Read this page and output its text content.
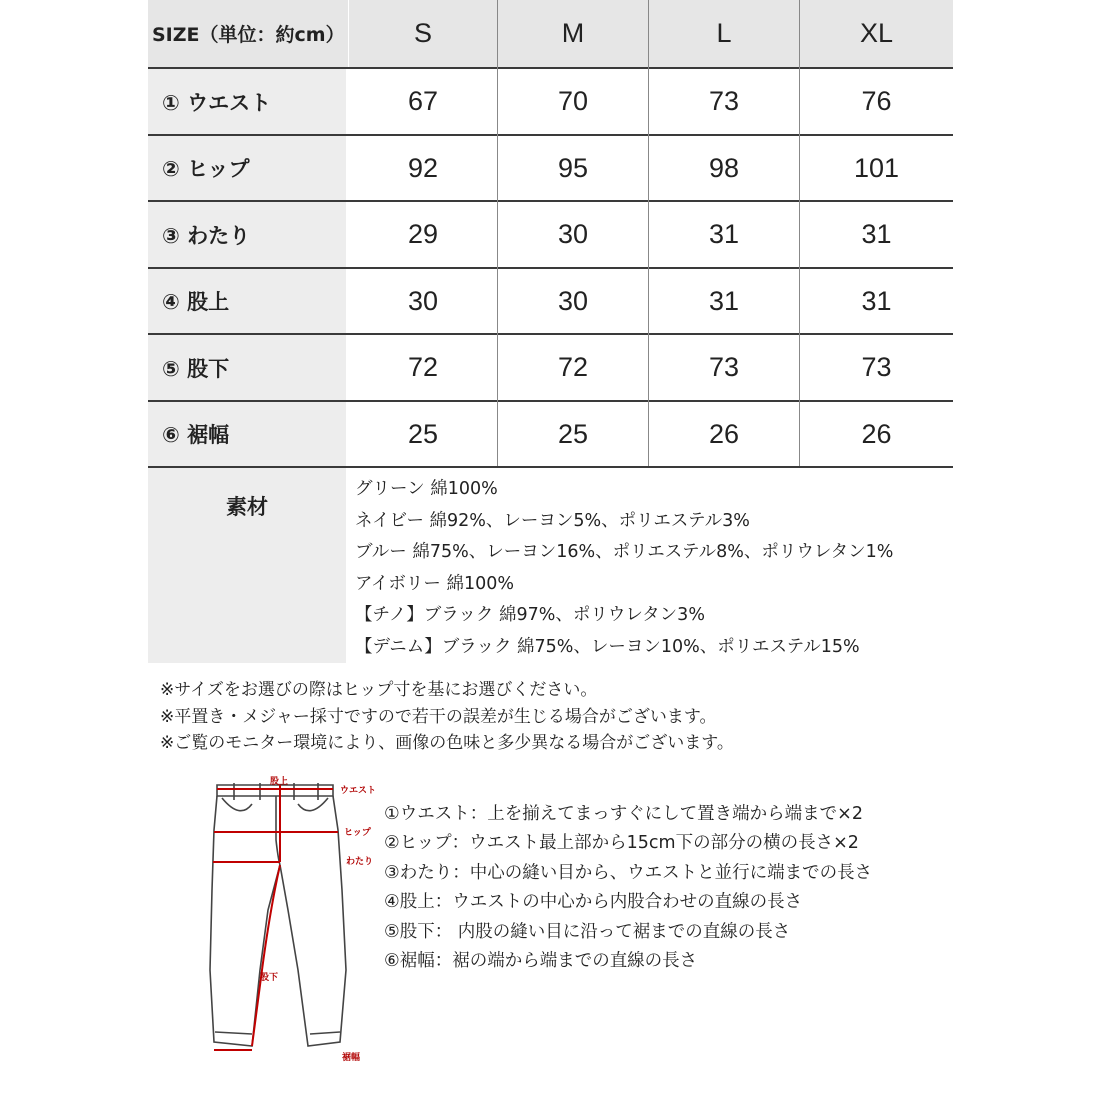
SIZE（単位：約cm）	S	M	L	XL
① ウエスト	67	70	73	76
② ヒップ	92	95	98	101
③ わたり	29	30	31	31
④ 股上	30	30	31	31
⑤ 股下	72	72	73	73
⑥ 裾幅	25	25	26	26
素材
グリーン 綿100%
ネイビー 綿92%、レーヨン5%、ポリエステル3%
ブルー 綿75%、レーヨン16%、ポリエステル8%、ポリウレタン1%
アイボリー 綿100%
【チノ】ブラック 綿97%、ポリウレタン3%
【デニム】ブラック 綿75%、レーヨン10%、ポリエステル15%
※サイズをお選びの際はヒップ寸を基にお選びください。
※平置き・メジャー採寸ですので若干の誤差が生じる場合がございます。
※ご覧のモニター環境により、画像の色味と多少異なる場合がございます。
股上
ウエスト
ヒップ
わたり
股下
裾幅
①ウエスト：上を揃えてまっすぐにして置き端から端まで×2
②ヒップ：ウエスト最上部から15cm下の部分の横の長さ×2
③わたり：中心の縫い目から、ウエストと並行に端までの長さ
④股上：ウエストの中心から内股合わせの直線の長さ
⑤股下： 内股の縫い目に沿って裾までの直線の長さ
⑥裾幅：裾の端から端までの直線の長さ
